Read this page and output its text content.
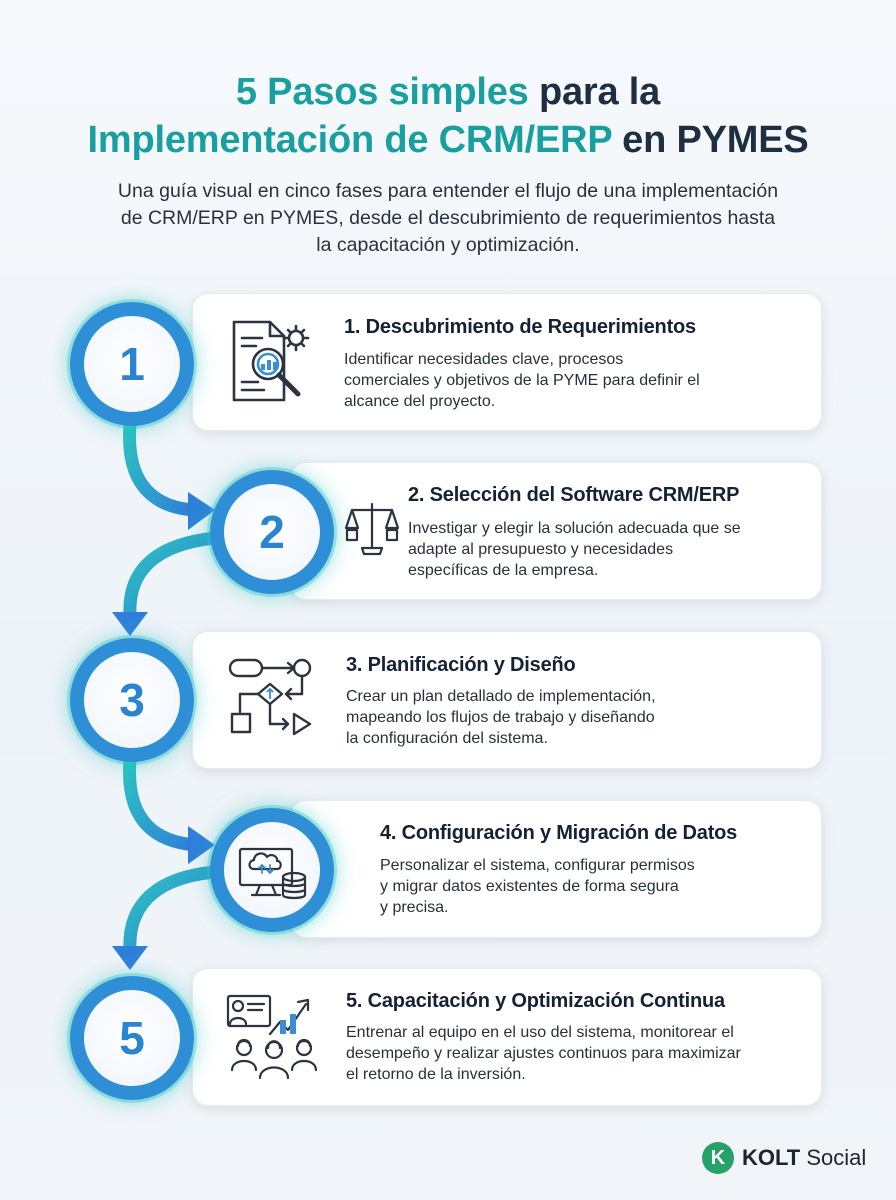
5 Pasos simples para la
Implementación de CRM/ERP en PYMES
Una guía visual en cinco fases para entender el flujo de una implementación
de CRM/ERP en PYMES, desde el descubrimiento de requerimientos hasta
la capacitación y optimización.
1
1. Descubrimiento de Requerimientos
Identificar necesidades clave, procesos
comerciales y objetivos de la PYME para definir el
alcance del proyecto.
2
2. Selección del Software CRM/ERP
Investigar y elegir la solución adecuada que se
adapte al presupuesto y necesidades
específicas de la empresa.
3
3. Planificación y Diseño
Crear un plan detallado de implementación,
mapeando los flujos de trabajo y diseñando
la configuración del sistema.
4. Configuración y Migración de Datos
Personalizar el sistema, configurar permisos
y migrar datos existentes de forma segura
y precisa.
5
5. Capacitación y Optimización Continua
Entrenar al equipo en el uso del sistema, monitorear el
desempeño y realizar ajustes continuos para maximizar
el retorno de la inversión.
K KOLT Social
